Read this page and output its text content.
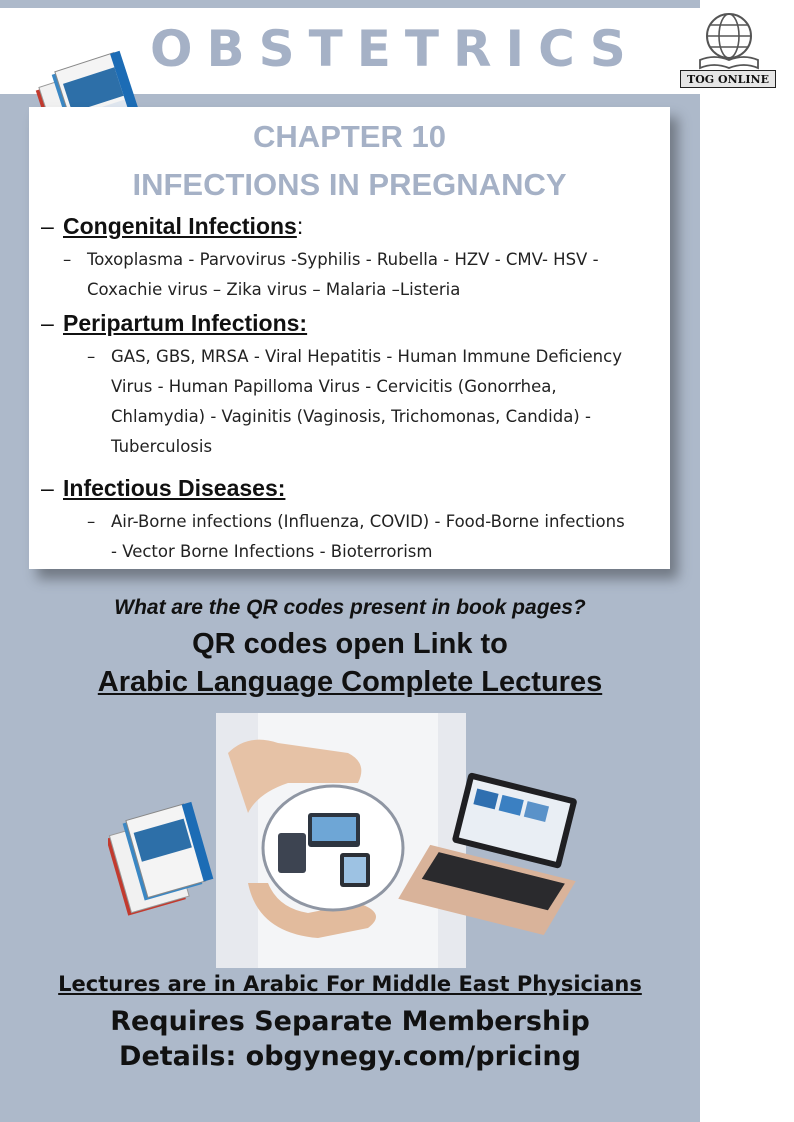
OBSTETRICS
TOG ONLINE
CHAPTER 10
INFECTIONS IN PREGNANCY
– Congenital Infections:
– Toxoplasma - Parvovirus -Syphilis - Rubella - HZV - CMV- HSV -
Coxachie virus – Zika virus – Malaria –Listeria
– Peripartum Infections:
– GAS, GBS, MRSA - Viral Hepatitis - Human Immune Deficiency
Virus - Human Papilloma Virus - Cervicitis (Gonorrhea,
Chlamydia) - Vaginitis (Vaginosis, Trichomonas, Candida) -
Tuberculosis
– Infectious Diseases:
– Air-Borne infections (Influenza, COVID) - Food-Borne infections
- Vector Borne Infections - Bioterrorism
What are the QR codes present in book pages?
QR codes open Link to
Arabic Language Complete Lectures
Lectures are in Arabic For Middle East Physicians
Requires Separate Membership
Details: obgynegy.com/pricing
